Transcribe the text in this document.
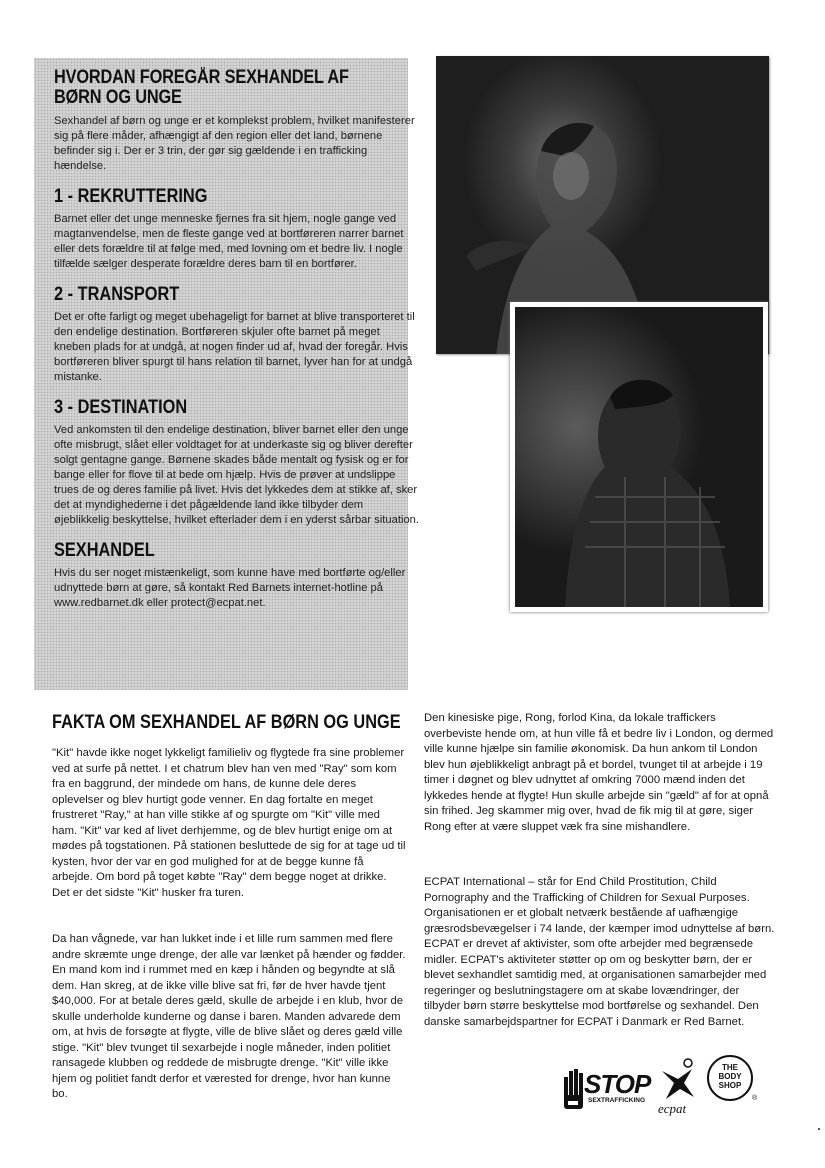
HVORDAN FOREGÅR SEXHANDEL AF BØRN OG UNGE

Sexhandel af børn og unge er et komplekst problem, hvilket manifesterer sig på flere måder, afhængigt af den region eller det land, børnene befinder sig i. Der er 3 trin, der gør sig gældende i en trafficking hændelse.

1 - REKRUTTERING

Barnet eller det unge menneske fjernes fra sit hjem, nogle gange ved magtanvendelse, men de fleste gange ved at bortføreren narrer barnet eller dets forældre til at følge med, med lovning om et bedre liv. I nogle tilfælde sælger desperate forældre deres barn til en bortfører.

2 - TRANSPORT

Det er ofte farligt og meget ubehageligt for barnet at blive transporteret til den endelige destination. Bortføreren skjuler ofte barnet på meget kneben plads for at undgå, at nogen finder ud af, hvad der foregår. Hvis bortføreren bliver spurgt til hans relation til barnet, lyver han for at undgå mistanke.

3 - DESTINATION

Ved ankomsten til den endelige destination, bliver barnet eller den unge ofte misbrugt, slået eller voldtaget for at underkaste sig og bliver derefter solgt gentagne gange. Børnene skades både mentalt og fysisk og er for bange eller for flove til at bede om hjælp. Hvis de prøver at undslippe trues de og deres familie på livet. Hvis det lykkedes dem at stikke af, sker det at myndighederne i det pågældende land ikke tilbyder dem øjeblikkelig beskyttelse, hvilket efterlader dem i en yderst sårbar situation.

SEXHANDEL

Hvis du ser noget mistænkeligt, som kunne have med bortførte og/eller udnyttede børn at gøre, så kontakt Red Barnets internet-hotline på www.redbarnet.dk eller protect@ecpat.net.

FAKTA OM SEXHANDEL AF BØRN OG UNGE

"Kit" havde ikke noget lykkeligt familieliv og flygtede fra sine problemer ved at surfe på nettet. I et chatrum blev han ven med "Ray" som kom fra en baggrund, der mindede om hans, de kunne dele deres oplevelser og blev hurtigt gode venner. En dag fortalte en meget frustreret "Ray," at han ville stikke af og spurgte om "Kit" ville med ham. "Kit" var ked af livet derhjemme, og de blev hurtigt enige om at mødes på togstationen. På stationen besluttede de sig for at tage ud til kysten, hvor der var en god mulighed for at de begge kunne få arbejde. Om bord på toget købte "Ray" dem begge noget at drikke. Det er det sidste "Kit" husker fra turen.

Da han vågnede, var han lukket inde i et lille rum sammen med flere andre skræmte unge drenge, der alle var lænket på hænder og fødder. En mand kom ind i rummet med en kæp i hånden og begyndte at slå dem. Han skreg, at de ikke ville blive sat fri, før de hver havde tjent $40,000. For at betale deres gæld, skulle de arbejde i en klub, hvor de skulle underholde kunderne og danse i baren. Manden advarede dem om, at hvis de forsøgte at flygte, ville de blive slået og deres gæld ville stige. "Kit" blev tvunget til sexarbejde i nogle måneder, inden politiet ransagede klubben og reddede de misbrugte drenge. "Kit" ville ikke hjem og politiet fandt derfor et værested for drenge, hvor han kunne bo.

Den kinesiske pige, Rong, forlod Kina, da lokale traffickers overbeviste hende om, at hun ville få et bedre liv i London, og dermed ville kunne hjælpe sin familie økonomisk. Da hun ankom til London blev hun øjeblikkeligt anbragt på et bordel, tvunget til at arbejde i 19 timer i døgnet og blev udnyttet af omkring 7000 mænd inden det lykkedes hende at flygte! Hun skulle arbejde sin "gæld" af for at opnå sin frihed. Jeg skammer mig over, hvad de fik mig til at gøre, siger Rong efter at være sluppet væk fra sine mishandlere.

ECPAT International – står for End Child Prostitution, Child Pornography and the Trafficking of Children for Sexual Purposes. Organisationen er et globalt netværk bestående af uafhængige græsrodsbevægelser i 74 lande, der kæmper imod udnyttelse af børn. ECPAT er drevet af aktivister, som ofte arbejder med begrænsede midler. ECPAT's aktiviteter støtter op om og beskytter børn, der er blevet sexhandlet samtidig med, at organisationen samarbejder med regeringer og beslutningstagere om at skabe lovændringer, der tilbyder børn større beskyttelse mod bortførelse og sexhandel. Den danske samarbejdspartner for ECPAT i Danmark er Red Barnet.

STOP
SEXTRAFFICKING
ecpat
THE
BODY
SHOP
®
